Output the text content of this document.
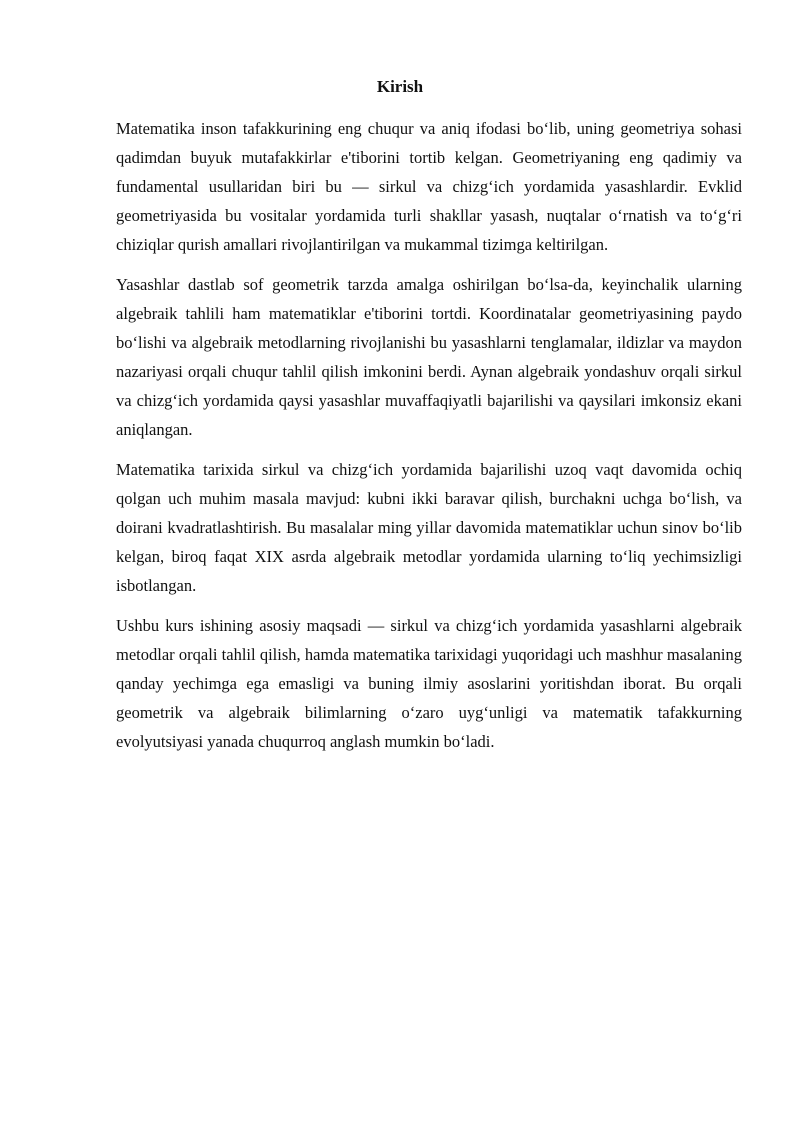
Kirish

Matematika inson tafakkurining eng chuqur va aniq ifodasi bo‘lib, uning geometriya sohasi qadimdan buyuk mutafakkirlar e'tiborini tortib kelgan. Geometriyaning eng qadimiy va fundamental usullaridan biri bu — sirkul va chizg‘ich yordamida yasashlardir. Evklid geometriyasida bu vositalar yordamida turli shakllar yasash, nuqtalar o‘rnatish va to‘g‘ri chiziqlar qurish amallari rivojlantirilgan va mukammal tizimga keltirilgan.

Yasashlar dastlab sof geometrik tarzda amalga oshirilgan bo‘lsa-da, keyinchalik ularning algebraik tahlili ham matematiklar e'tiborini tortdi. Koordinatalar geometriyasining paydo bo‘lishi va algebraik metodlarning rivojlanishi bu yasashlarni tenglamalar, ildizlar va maydon nazariyasi orqali chuqur tahlil qilish imkonini berdi. Aynan algebraik yondashuv orqali sirkul va chizg‘ich yordamida qaysi yasashlar muvaffaqiyatli bajarilishi va qaysilari imkonsiz ekani aniqlangan.

Matematika tarixida sirkul va chizg‘ich yordamida bajarilishi uzoq vaqt davomida ochiq qolgan uch muhim masala mavjud: kubni ikki baravar qilish, burchakni uchga bo‘lish, va doirani kvadratlashtirish. Bu masalalar ming yillar davomida matematiklar uchun sinov bo‘lib kelgan, biroq faqat XIX asrda algebraik metodlar yordamida ularning to‘liq yechimsizligi isbotlangan.

Ushbu kurs ishining asosiy maqsadi — sirkul va chizg‘ich yordamida yasashlarni algebraik metodlar orqali tahlil qilish, hamda matematika tarixidagi yuqoridagi uch mashhur masalaning qanday yechimga ega emasligi va buning ilmiy asoslarini yoritishdan iborat. Bu orqali geometrik va algebraik bilimlarning o‘zaro uyg‘unligi va matematik tafakkurning evolyutsiyasi yanada chuqurroq anglash mumkin bo‘ladi.
